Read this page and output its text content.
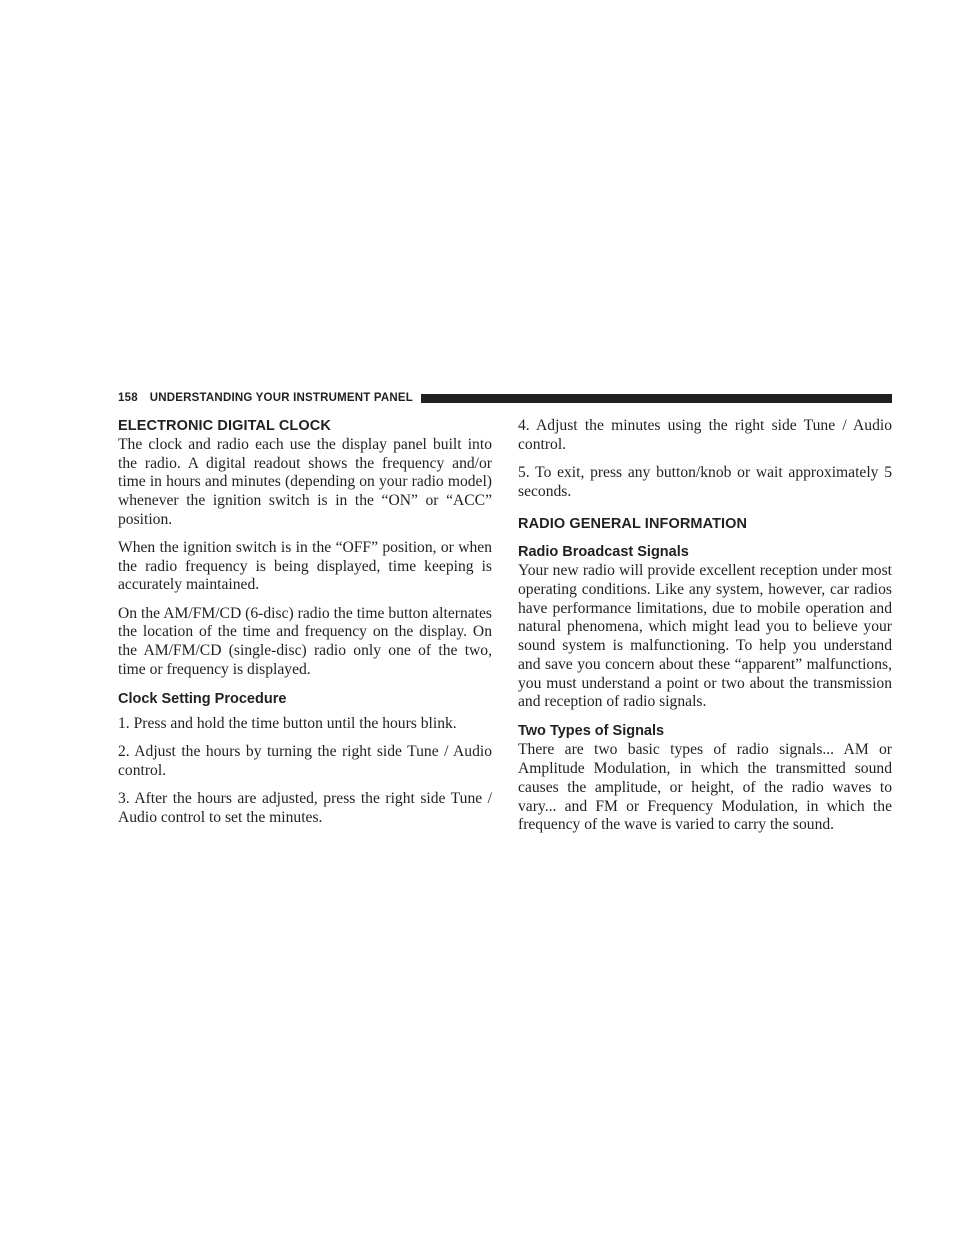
158 UNDERSTANDING YOUR INSTRUMENT PANEL
ELECTRONIC DIGITAL CLOCK

The clock and radio each use the display panel built into the radio. A digital readout shows the frequency and/or time in hours and minutes (depending on your radio model) whenever the ignition switch is in the “ON” or “ACC” position.

When the ignition switch is in the “OFF” position, or when the radio frequency is being displayed, time keeping is accurately maintained.

On the AM/FM/CD (6-disc) radio the time button alternates the location of the time and frequency on the display. On the AM/FM/CD (single-disc) radio only one of the two, time or frequency is displayed.

Clock Setting Procedure

1. Press and hold the time button until the hours blink.

2. Adjust the hours by turning the right side Tune / Audio control.

3. After the hours are adjusted, press the right side Tune / Audio control to set the minutes.

4. Adjust the minutes using the right side Tune / Audio control.

5. To exit, press any button/knob or wait approximately 5 seconds.

RADIO GENERAL INFORMATION
Radio Broadcast Signals

Your new radio will provide excellent reception under most operating conditions. Like any system, however, car radios have performance limitations, due to mobile operation and natural phenomena, which might lead you to believe your sound system is malfunctioning. To help you understand and save you concern about these “apparent” malfunctions, you must understand a point or two about the transmission and reception of radio signals.

Two Types of Signals

There are two basic types of radio signals... AM or Amplitude Modulation, in which the transmitted sound causes the amplitude, or height, of the radio waves to vary... and FM or Frequency Modulation, in which the frequency of the wave is varied to carry the sound.
